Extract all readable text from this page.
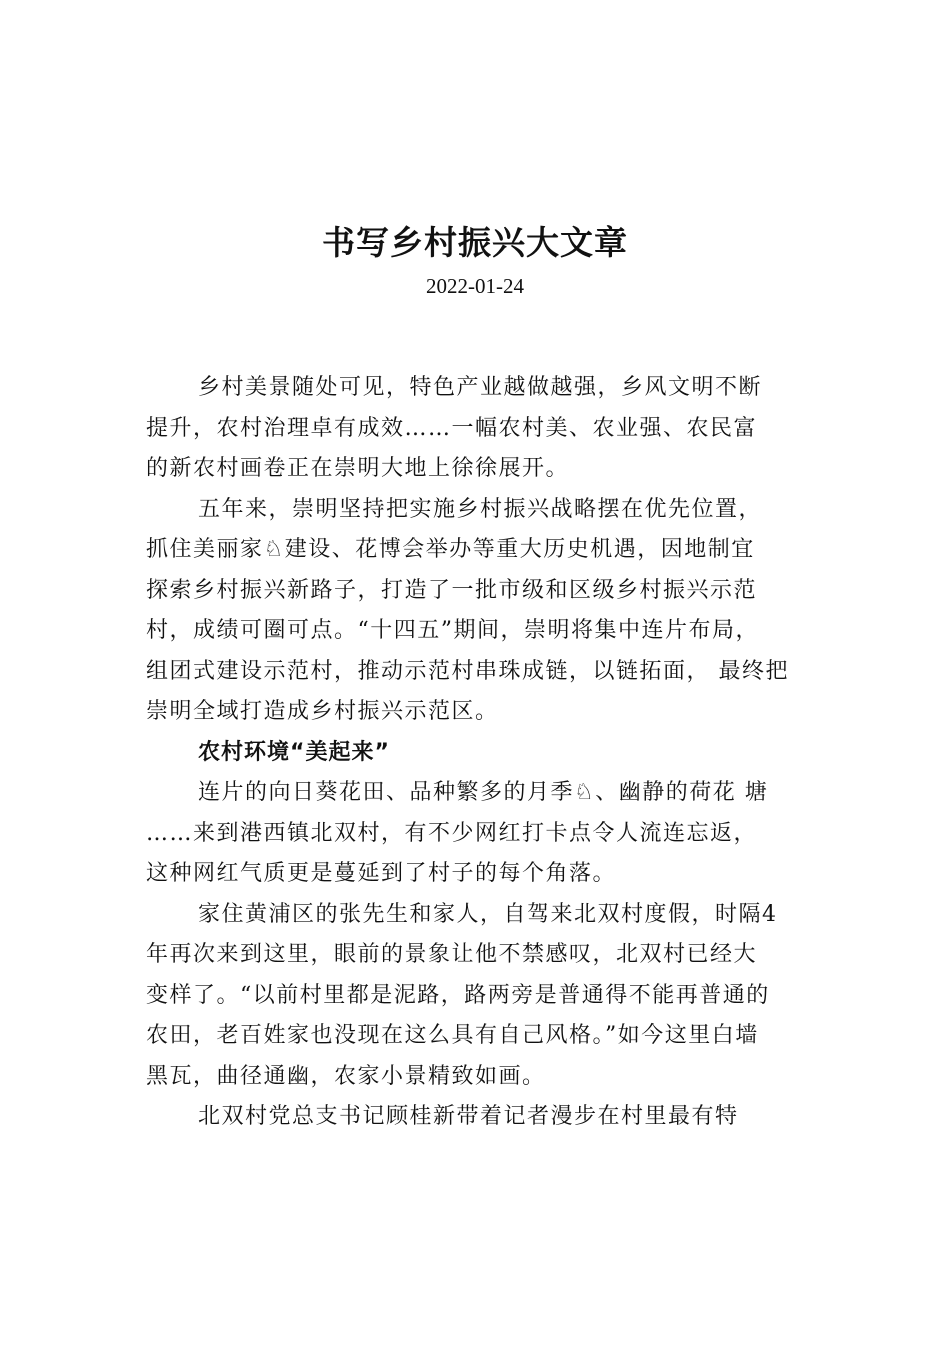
书写乡村振兴大文章
2022-01-24
乡村美景随处可见，特色产业越做越强，乡风文明不断
提升，农村治理卓有成效……一幅农村美、农业强、农民富
的新农村画卷正在崇明大地上徐徐展开。
五年来，崇明坚持把实施乡村振兴战略摆在优先位置，
抓住美丽家♘建设、花博会举办等重大历史机遇，因地制宜
探索乡村振兴新路子，打造了一批市级和区级乡村振兴示范
村，成绩可圈可点。“十四五”期间，崇明将集中连片布局，
组团式建设示范村，推动示范村串珠成链，以链拓面， 最终把
崇明全域打造成乡村振兴示范区。
农村环境“美起来”
连片的向日葵花田、品种繁多的月季♘、幽静的荷花 塘
……来到港西镇北双村，有不少网红打卡点令人流连忘返，
这种网红气质更是蔓延到了村子的每个角落。
家住黄浦区的张先生和家人，自驾来北双村度假，时隔4
年再次来到这里，眼前的景象让他不禁感叹，北双村已经大
变样了。“以前村里都是泥路，路两旁是普通得不能再普通的
农田，老百姓家也没现在这么具有自己风格。”如今这里白墙
黑瓦，曲径通幽，农家小景精致如画。
北双村党总支书记顾桂新带着记者漫步在村里最有特
